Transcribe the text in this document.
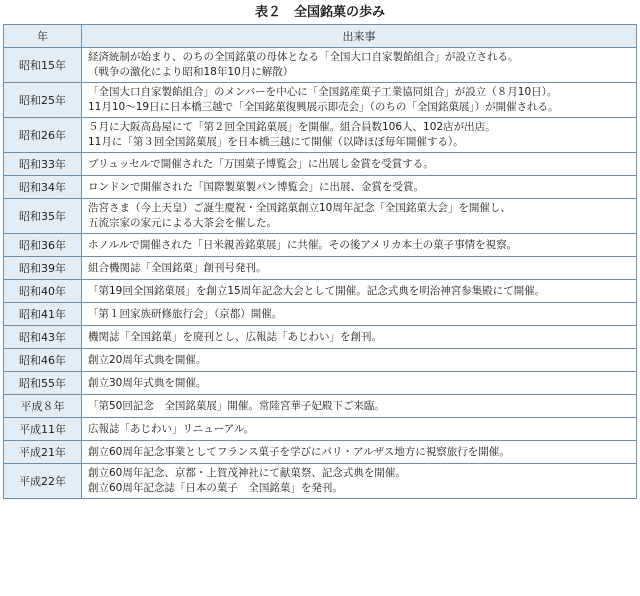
表２　全国銘菓の歩み
年	出来事
昭和15年	経済統制が始まり、のちの全国銘菓の母体となる「全国大口自家製餡組合」が設立される。
（戦争の激化により昭和18年10月に解散）

昭和25年	「全国大口自家製餡組合」のメンバーを中心に「全国銘産菓子工業協同組合」が設立（８月10日）。
11月10～19日に日本橋三越で「全国銘菓復興展示即売会」（のちの「全国銘菓展」）が開催される。

昭和26年	５月に大阪高島屋にて「第２回全国銘菓展」を開催。組合員数106人、102店が出店。
11月に「第３回全国銘菓展」を日本橋三越にて開催（以降ほぼ毎年開催する）。

昭和33年	ブリュッセルで開催された「万国菓子博覧会」に出展し金賞を受賞する。

昭和34年	ロンドンで開催された「国際製菓製パン博覧会」に出展、金賞を受賞。

昭和35年	浩宮さま（今上天皇）ご誕生慶祝・全国銘菓創立10周年記念「全国銘菓大会」を開催し、
五流宗家の家元による大茶会を催した。

昭和36年	ホノルルで開催された「日米親善銘菓展」に共催。その後アメリカ本土の菓子事情を視察。

昭和39年	組合機関誌「全国銘菓」創刊号発刊。

昭和40年	「第19回全国銘菓展」を創立15周年記念大会として開催。記念式典を明治神宮参集殿にて開催。

昭和41年	「第１回家族研修旅行会」（京都）開催。

昭和43年	機関誌「全国銘菓」を廃刊とし、広報誌「あじわい」を創刊。

昭和46年	創立20周年式典を開催。

昭和55年	創立30周年式典を開催。

平成８年	「第50回記念　全国銘菓展」開催。常陸宮華子妃殿下ご来臨。

平成11年	広報誌「あじわい」リニューアル。

平成21年	創立60周年記念事業としてフランス菓子を学びにパリ・アルザス地方に視察旅行を開催。

平成22年	創立60周年記念、京都・上賀茂神社にて献菓祭、記念式典を開催。
創立60周年記念誌「日本の菓子　全国銘菓」を発刊。
